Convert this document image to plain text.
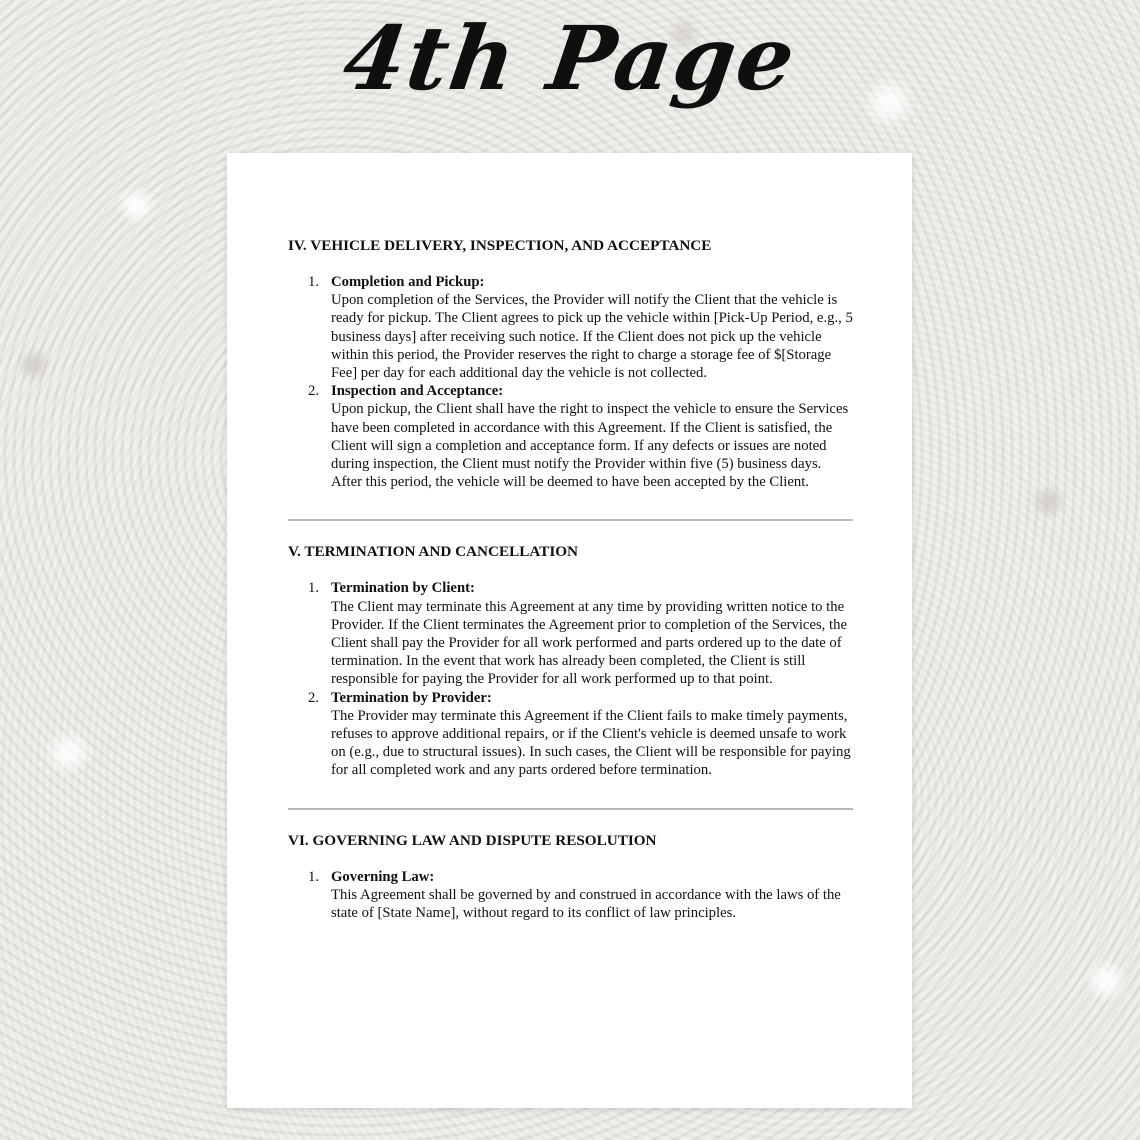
4th Page
IV. VEHICLE DELIVERY, INSPECTION, AND ACCEPTANCE
1. Completion and Pickup:
Upon completion of the Services, the Provider will notify the Client that the vehicle is ready for pickup. The Client agrees to pick up the vehicle within [Pick-Up Period, e.g., 5 business days] after receiving such notice. If the Client does not pick up the vehicle within this period, the Provider reserves the right to charge a storage fee of $[Storage Fee] per day for each additional day the vehicle is not collected.
2. Inspection and Acceptance:
Upon pickup, the Client shall have the right to inspect the vehicle to ensure the Services have been completed in accordance with this Agreement. If the Client is satisfied, the Client will sign a completion and acceptance form. If any defects or issues are noted during inspection, the Client must notify the Provider within five (5) business days. After this period, the vehicle will be deemed to have been accepted by the Client.
V. TERMINATION AND CANCELLATION
1. Termination by Client:
The Client may terminate this Agreement at any time by providing written notice to the Provider. If the Client terminates the Agreement prior to completion of the Services, the Client shall pay the Provider for all work performed and parts ordered up to the date of termination. In the event that work has already been completed, the Client is still responsible for paying the Provider for all work performed up to that point.
2. Termination by Provider:
The Provider may terminate this Agreement if the Client fails to make timely payments, refuses to approve additional repairs, or if the Client's vehicle is deemed unsafe to work on (e.g., due to structural issues). In such cases, the Client will be responsible for paying for all completed work and any parts ordered before termination.
VI. GOVERNING LAW AND DISPUTE RESOLUTION
1. Governing Law:
This Agreement shall be governed by and construed in accordance with the laws of the state of [State Name], without regard to its conflict of law principles.
